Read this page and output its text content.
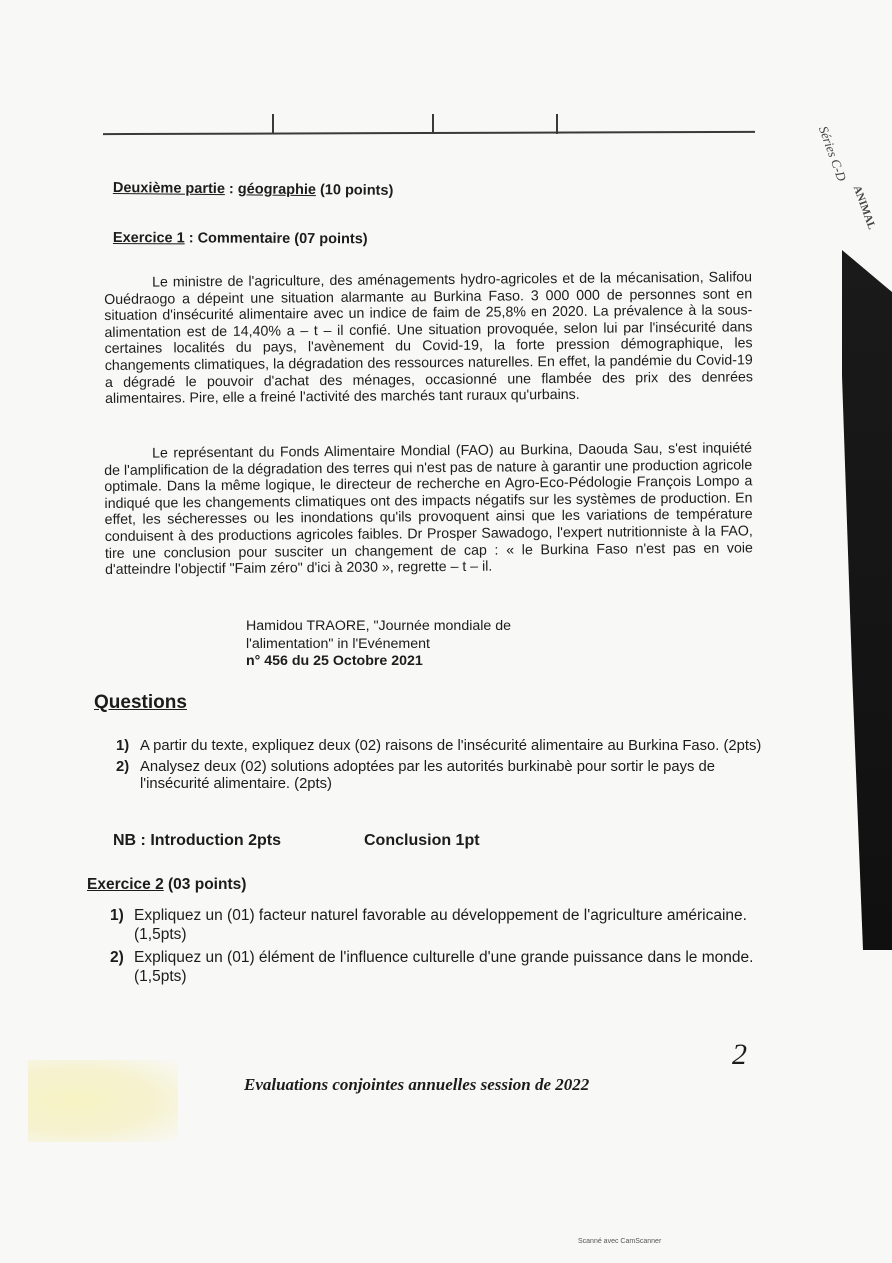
Séries C-D
ANIMAL
Deuxième partie : géographie (10 points)
Exercice 1 : Commentaire (07 points)

Le ministre de l'agriculture, des aménagements hydro-agricoles et de la mécanisation, Salifou Ouédraogo a dépeint une situation alarmante au Burkina Faso. 3 000 000 de personnes sont en situation d'insécurité alimentaire avec un indice de faim de 25,8% en 2020. La prévalence à la sous-alimentation est de 14,40% a – t – il confié. Une situation provoquée, selon lui par l'insécurité dans certaines localités du pays, l'avènement du Covid-19, la forte pression démographique, les changements climatiques, la dégradation des ressources naturelles. En effet, la pandémie du Covid-19 a dégradé le pouvoir d'achat des ménages, occasionné une flambée des prix des denrées alimentaires. Pire, elle a freiné l'activité des marchés tant ruraux qu'urbains.

Le représentant du Fonds Alimentaire Mondial (FAO) au Burkina, Daouda Sau, s'est inquiété de l'amplification de la dégradation des terres qui n'est pas de nature à garantir une production agricole optimale. Dans la même logique, le directeur de recherche en Agro-Eco-Pédologie François Lompo a indiqué que les changements climatiques ont des impacts négatifs sur les systèmes de production. En effet, les sécheresses ou les inondations qu'ils provoquent ainsi que les variations de température conduisent à des productions agricoles faibles. Dr Prosper Sawadogo, l'expert nutritionniste à la FAO, tire une conclusion pour susciter un changement de cap : « le Burkina Faso n'est pas en voie d'atteindre l'objectif "Faim zéro" d'ici à 2030 », regrette – t – il.

Hamidou TRAORE, "Journée mondiale de
l'alimentation" in l'Evénement
n° 456 du 25 Octobre 2021
Questions
1) A partir du texte, expliquez deux (02) raisons de l'insécurité alimentaire au Burkina Faso. (2pts)
2) Analysez deux (02) solutions adoptées par les autorités burkinabè pour sortir le pays de l'insécurité alimentaire. (2pts)
NB : Introduction 2pts	Conclusion 1pt
Exercice 2 (03 points)
1) Expliquez un (01) facteur naturel favorable au développement de l'agriculture américaine. (1,5pts)
2) Expliquez un (01) élément de l'influence culturelle d'une grande puissance dans le monde. (1,5pts)
2
Evaluations conjointes annuelles session de 2022
Scanné avec CamScanner
